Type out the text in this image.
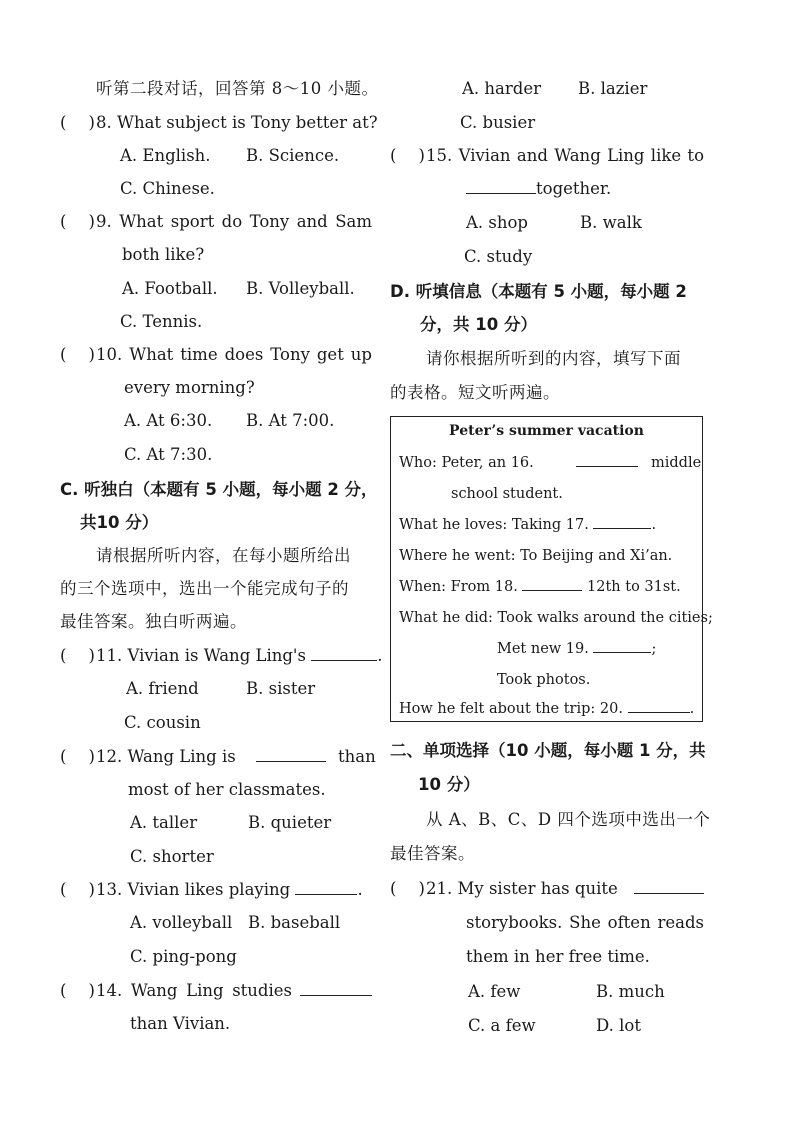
听第二段对话，回答第 8～10 小题。
( ) 8. What subject is Tony better at?
A. English. B. Science.
C. Chinese.
( ) 9. What sport do Tony and Sam
both like?
A. Football. B. Volleyball.
C. Tennis.
( ) 10. What time does Tony get up
every morning?
A. At 6:30. B. At 7:00.
C. At 7:30.
C. 听独白（本题有 5 小题，每小题 2 分，
共10 分）
请根据所听内容，在每小题所给出
的三个选项中，选出一个能完成句子的
最佳答案。独白听两遍。
( ) 11. Vivian is Wang Ling's	.
A. friend	B. sister
C. cousin
( ) 12. Wang Ling is	than
most of her classmates.
A. taller	B. quieter
C. shorter
( ) 13. Vivian likes playing	.
A. volleyball B. baseball
C. ping-pong
( ) 14. Wang Ling studies
than Vivian.
A. harder B. lazier
C. busier
( ) 15. Vivian and Wang Ling like to
together.
A. shop	B. walk
C. study
D. 听填信息（本题有 5 小题，每小题 2
分，共 10 分）
请你根据所听到的内容，填写下面
的表格。短文听两遍。
Peter’s summer vacation
Who: Peter, an 16.	middle
school student.
What he loves: Taking 17.	.
Where he went: To Beijing and Xi’an.
When: From 18.	12th to 31st.
What he did: Took walks around the cities;
Met new 19.	;
Took photos.
How he felt about the trip: 20.	.
二、单项选择（10 小题，每小题 1 分，共
10 分）
从 A、B、C、D 四个选项中选出一个
最佳答案。
( ) 21. My sister has quite
storybooks. She often reads
them in her free time.
A. few	B. much
C. a few	D. lot
